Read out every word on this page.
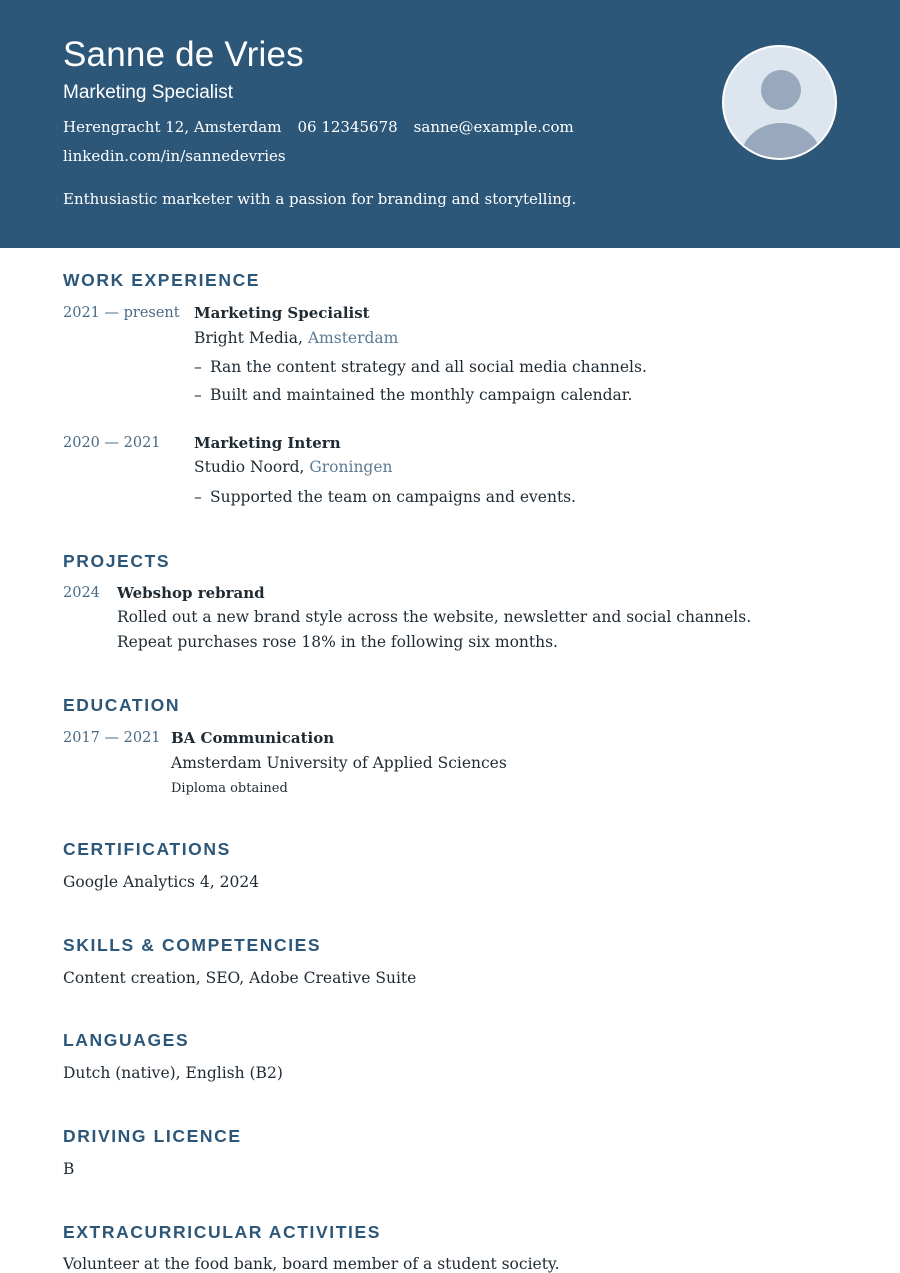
Sanne de Vries
Marketing Specialist
Herengracht 12, Amsterdam 06 12345678 sanne@example.com
linkedin.com/in/sannedevries
Enthusiastic marketer with a passion for branding and storytelling.
WORK EXPERIENCE
2021 — present Marketing Specialist
Bright Media, Amsterdam
– Ran the content strategy and all social media channels.
– Built and maintained the monthly campaign calendar.
2020 — 2021 Marketing Intern
Studio Noord, Groningen
– Supported the team on campaigns and events.
PROJECTS
2024 Webshop rebrand
Rolled out a new brand style across the website, newsletter and social channels. Repeat purchases rose 18% in the following six months.
EDUCATION
2017 — 2021 BA Communication
Amsterdam University of Applied Sciences
Diploma obtained
CERTIFICATIONS
Google Analytics 4, 2024
SKILLS & COMPETENCIES
Content creation, SEO, Adobe Creative Suite
LANGUAGES
Dutch (native), English (B2)
DRIVING LICENCE
B
EXTRACURRICULAR ACTIVITIES
Volunteer at the food bank, board member of a student society.
